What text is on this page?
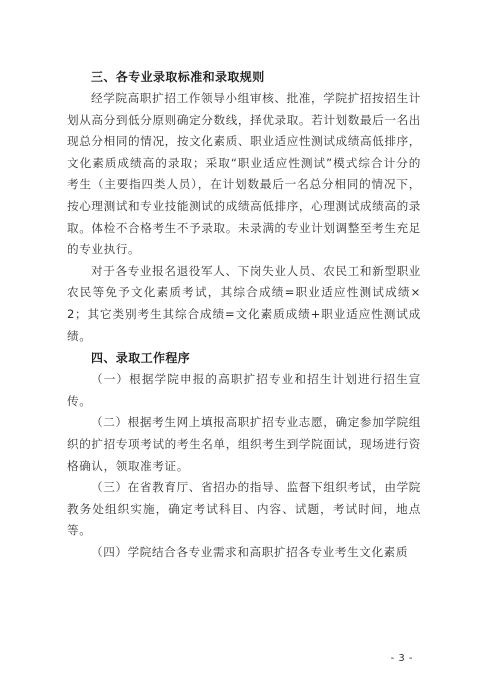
三、各专业录取标准和录取规则

经学院高职扩招工作领导小组审核、批准，学院扩招按招生计划从高分到低分原则确定分数线，择优录取。若计划数最后一名出现总分相同的情况，按文化素质、职业适应性测试成绩高低排序，文化素质成绩高的录取；采取“职业适应性测试”模式综合计分的考生（主要指四类人员），在计划数最后一名总分相同的情况下，按心理测试和专业技能测试的成绩高低排序，心理测试成绩高的录取。体检不合格考生不予录取。未录满的专业计划调整至考生充足的专业执行。

对于各专业报名退役军人、下岗失业人员、农民工和新型职业农民等免予文化素质考试，其综合成绩=职业适应性测试成绩×2；其它类别考生其综合成绩=文化素质成绩+职业适应性测试成绩。

四、录取工作程序

（一）根据学院申报的高职扩招专业和招生计划进行招生宣传。

（二）根据考生网上填报高职扩招专业志愿，确定参加学院组织的扩招专项考试的考生名单，组织考生到学院面试，现场进行资格确认，领取准考证。

（三）在省教育厅、省招办的指导、监督下组织考试，由学院教务处组织实施，确定考试科目、内容、试题，考试时间，地点等。

（四）学院结合各专业需求和高职扩招各专业考生文化素质

- 3 -
